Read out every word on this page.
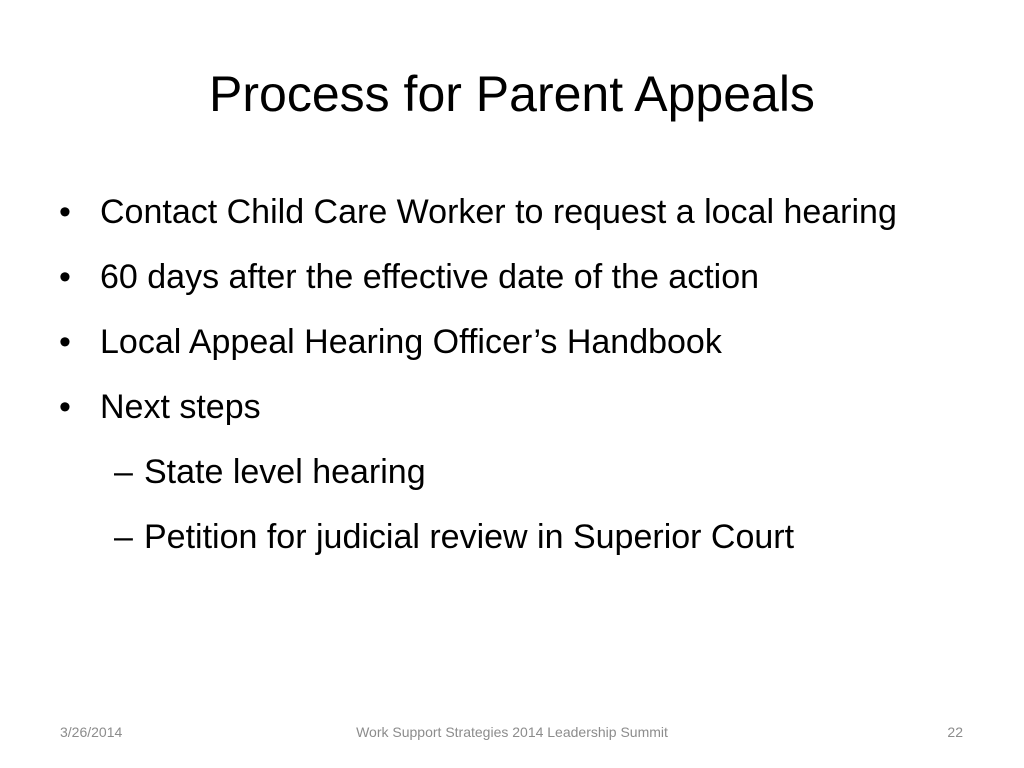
Process for Parent Appeals
• Contact Child Care Worker to request a local hearing
• 60 days after the effective date of the action
• Local Appeal Hearing Officer’s Handbook
• Next steps
– State level hearing
– Petition for judicial review in Superior Court
3/26/2014	Work Support Strategies 2014 Leadership Summit	22
